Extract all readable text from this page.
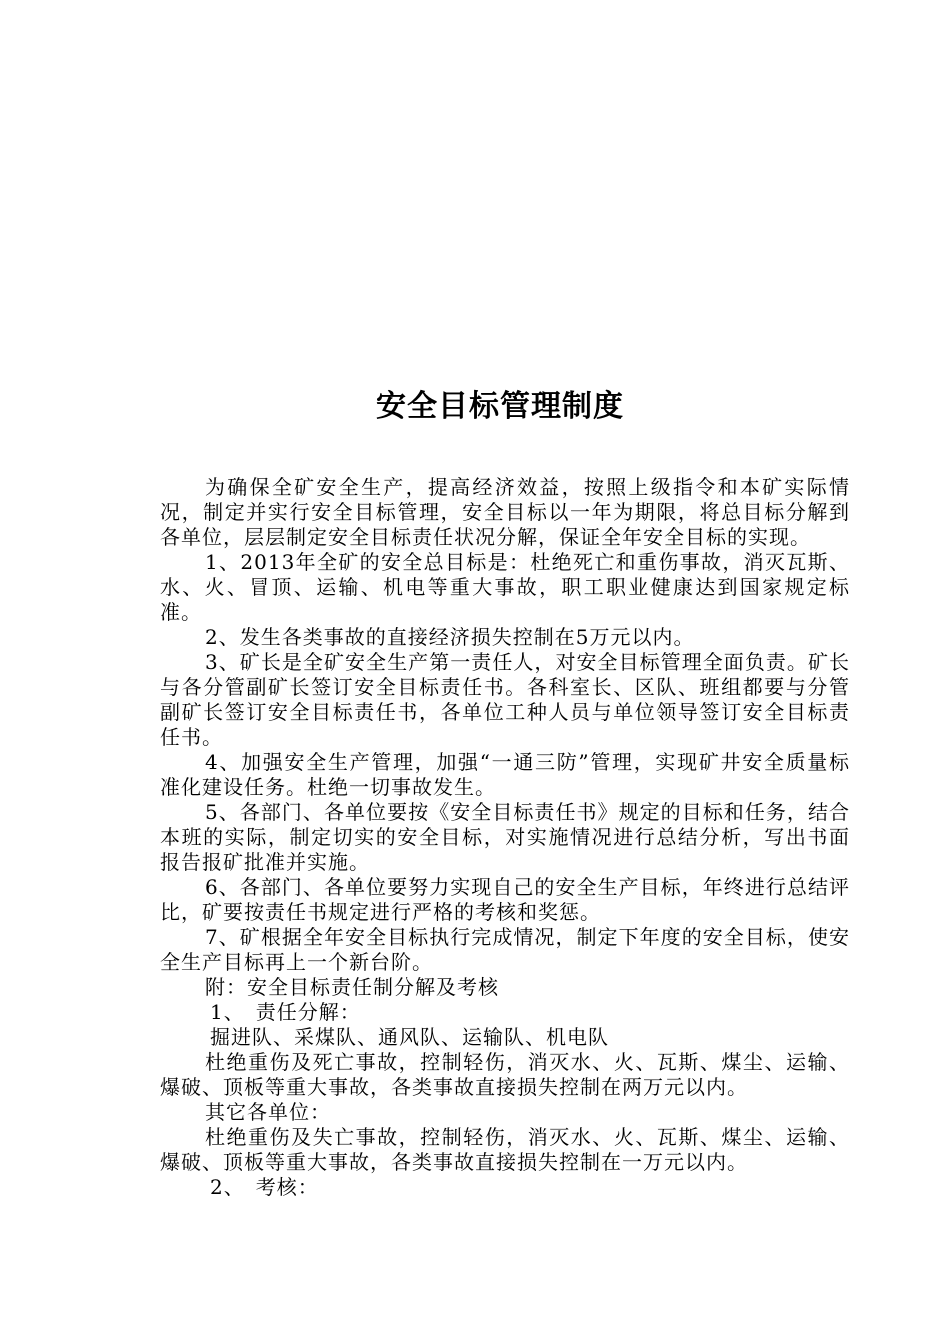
安全目标管理制度

为确保全矿安全生产，提高经济效益，按照上级指令和本矿实际情况，制定并实行安全目标管理，安全目标以一年为期限，将总目标分解到各单位，层层制定安全目标责任状况分解，保证全年安全目标的实现。

1、2013年全矿的安全总目标是：杜绝死亡和重伤事故，消灭瓦斯、水、火、冒顶、运输、机电等重大事故，职工职业健康达到国家规定标准。

2、发生各类事故的直接经济损失控制在5万元以内。

3、矿长是全矿安全生产第一责任人，对安全目标管理全面负责。矿长与各分管副矿长签订安全目标责任书。各科室长、区队、班组都要与分管副矿长签订安全目标责任书，各单位工种人员与单位领导签订安全目标责任书。

4、加强安全生产管理，加强“一通三防”管理，实现矿井安全质量标准化建设任务。杜绝一切事故发生。

5、各部门、各单位要按《安全目标责任书》规定的目标和任务，结合本班的实际，制定切实的安全目标，对实施情况进行总结分析，写出书面报告报矿批准并实施。

6、各部门、各单位要努力实现自己的安全生产目标，年终进行总结评比，矿要按责任书规定进行严格的考核和奖惩。

7、矿根据全年安全目标执行完成情况，制定下年度的安全目标，使安全生产目标再上一个新台阶。

附：安全目标责任制分解及考核

1、　责任分解：

掘进队、采煤队、通风队、运输队、机电队

杜绝重伤及死亡事故，控制轻伤，消灭水、火、瓦斯、煤尘、运输、爆破、顶板等重大事故，各类事故直接损失控制在两万元以内。

其它各单位：

杜绝重伤及失亡事故，控制轻伤，消灭水、火、瓦斯、煤尘、运输、爆破、顶板等重大事故，各类事故直接损失控制在一万元以内。

2、　考核：
